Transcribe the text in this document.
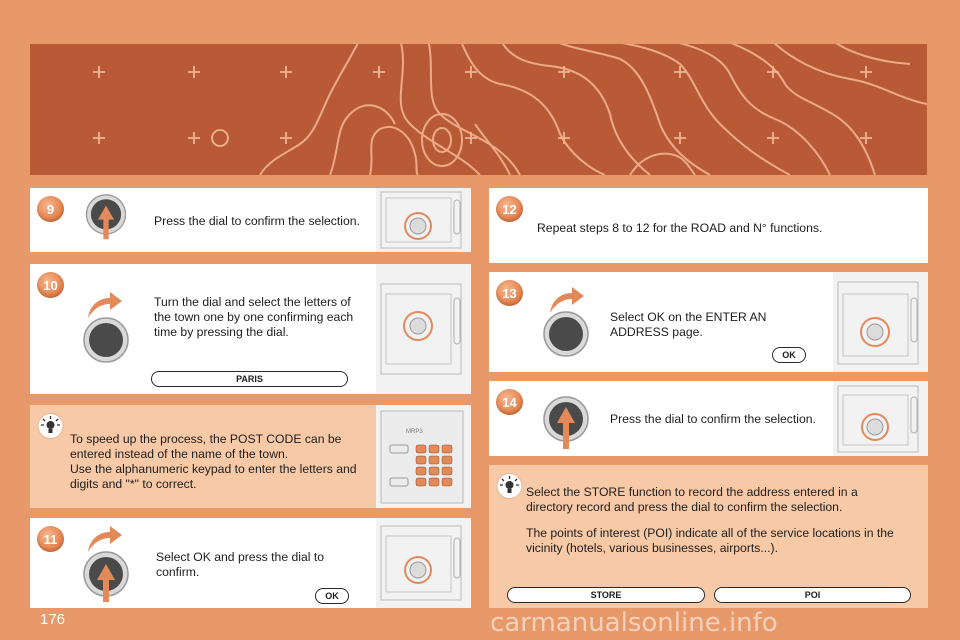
9
Press the dial to confirm the selection.
10
Turn the dial and select the letters of
the town one by one confirming each
time by pressing the dial.
PARIS
To speed up the process, the POST CODE can be
entered instead of the name of the town.
Use the alphanumeric keypad to enter the letters and
digits and "*" to correct.
MRP3
11
Select OK and press the dial to
confirm.
OK
12
Repeat steps 8 to 12 for the ROAD and N° functions.
13
Select OK on the ENTER AN
ADDRESS page.
OK
14
Press the dial to confirm the selection.
Select the STORE function to record the address entered in a
directory record and press the dial to confirm the selection.
The points of interest (POI) indicate all of the service locations in the
vicinity (hotels, various businesses, airports...).
STORE	POI
176	carmanualsonline.info
